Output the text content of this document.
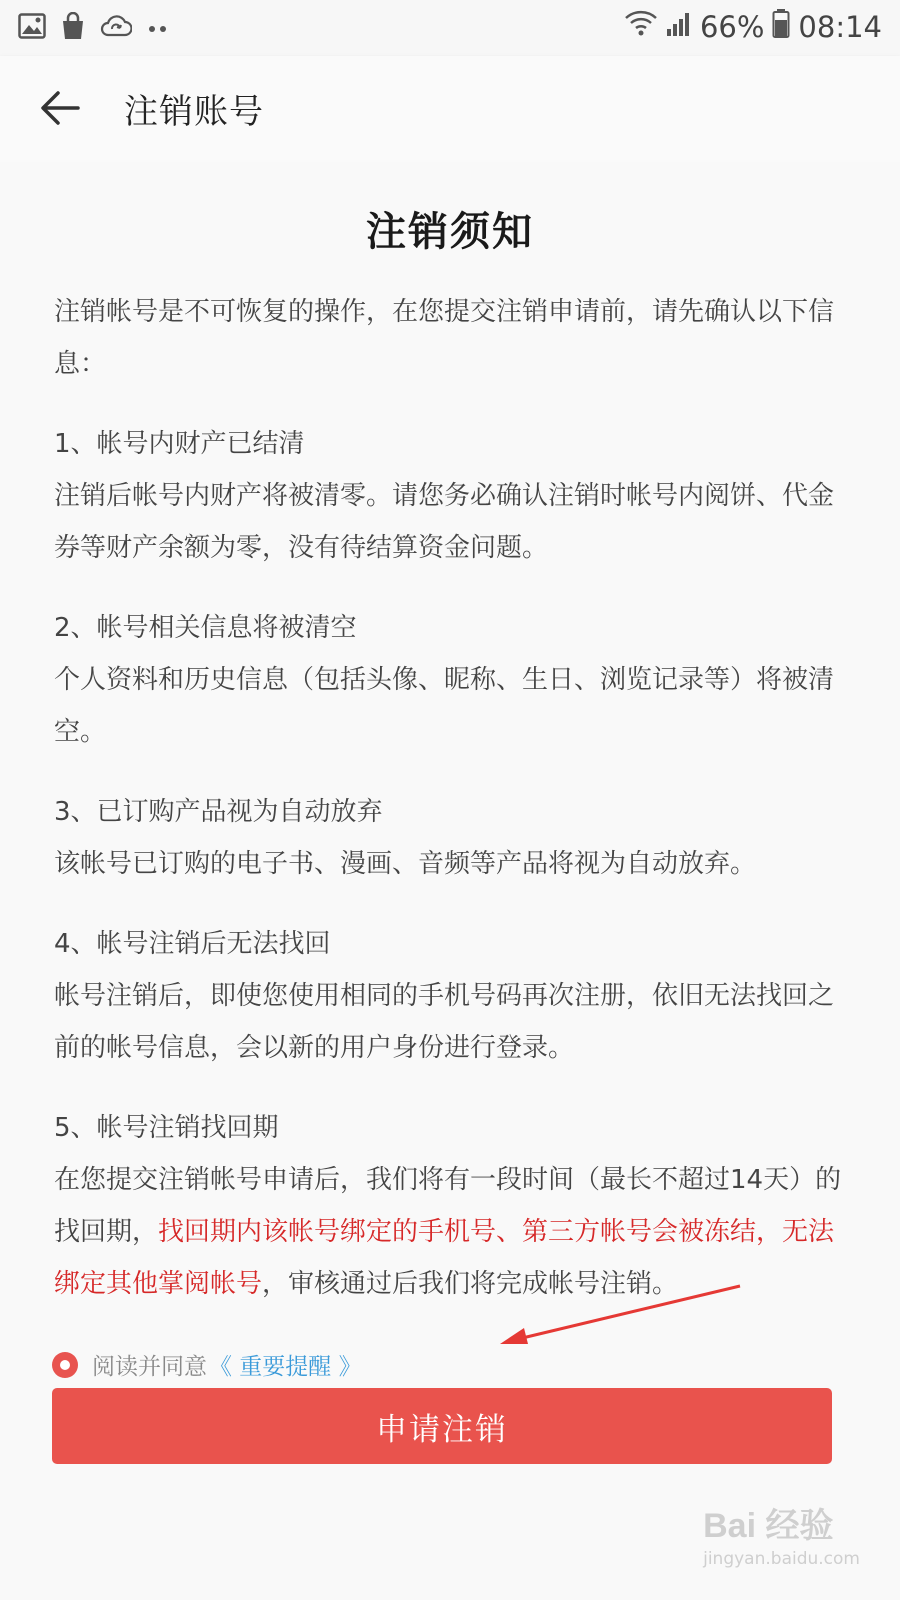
66% 08:14
注销账号
注销须知

注销帐号是不可恢复的操作，在您提交注销申请前，请先确认以下信息：

1、帐号内财产已结清

注销后帐号内财产将被清零。请您务必确认注销时帐号内阅饼、代金券等财产余额为零，没有待结算资金问题。

2、帐号相关信息将被清空

个人资料和历史信息（包括头像、昵称、生日、浏览记录等）将被清空。

3、已订购产品视为自动放弃

该帐号已订购的电子书、漫画、音频等产品将视为自动放弃。

4、帐号注销后无法找回

帐号注销后，即使您使用相同的手机号码再次注册，依旧无法找回之前的帐号信息，会以新的用户身份进行登录。

5、帐号注销找回期

在您提交注销帐号申请后，我们将有一段时间（最长不超过14天）的找回期，找回期内该帐号绑定的手机号、第三方帐号会被冻结，无法绑定其他掌阅帐号，审核通过后我们将完成帐号注销。

阅读并同意 《 重要提醒 》
申请注销
Bai 经验
jingyan.baidu.com
